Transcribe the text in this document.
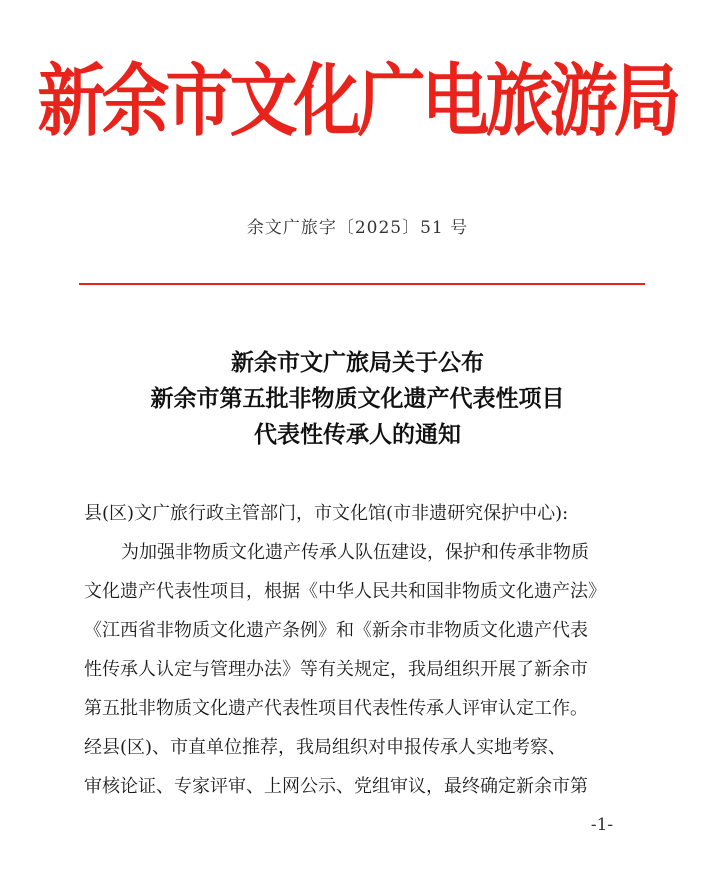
新余市文化广电旅游局
余文广旅字〔2025〕51 号
新余市文广旅局关于公布
新余市第五批非物质文化遗产代表性项目
代表性传承人的通知
县(区)文广旅行政主管部门，市文化馆(市非遗研究保护中心):
为加强非物质文化遗产传承人队伍建设，保护和传承非物质
文化遗产代表性项目，根据《中华人民共和国非物质文化遗产法》
《江西省非物质文化遗产条例》和《新余市非物质文化遗产代表
性传承人认定与管理办法》等有关规定，我局组织开展了新余市
第五批非物质文化遗产代表性项目代表性传承人评审认定工作。
经县(区)、市直单位推荐，我局组织对申报传承人实地考察、
审核论证、专家评审、上网公示、党组审议，最终确定新余市第
-1-
